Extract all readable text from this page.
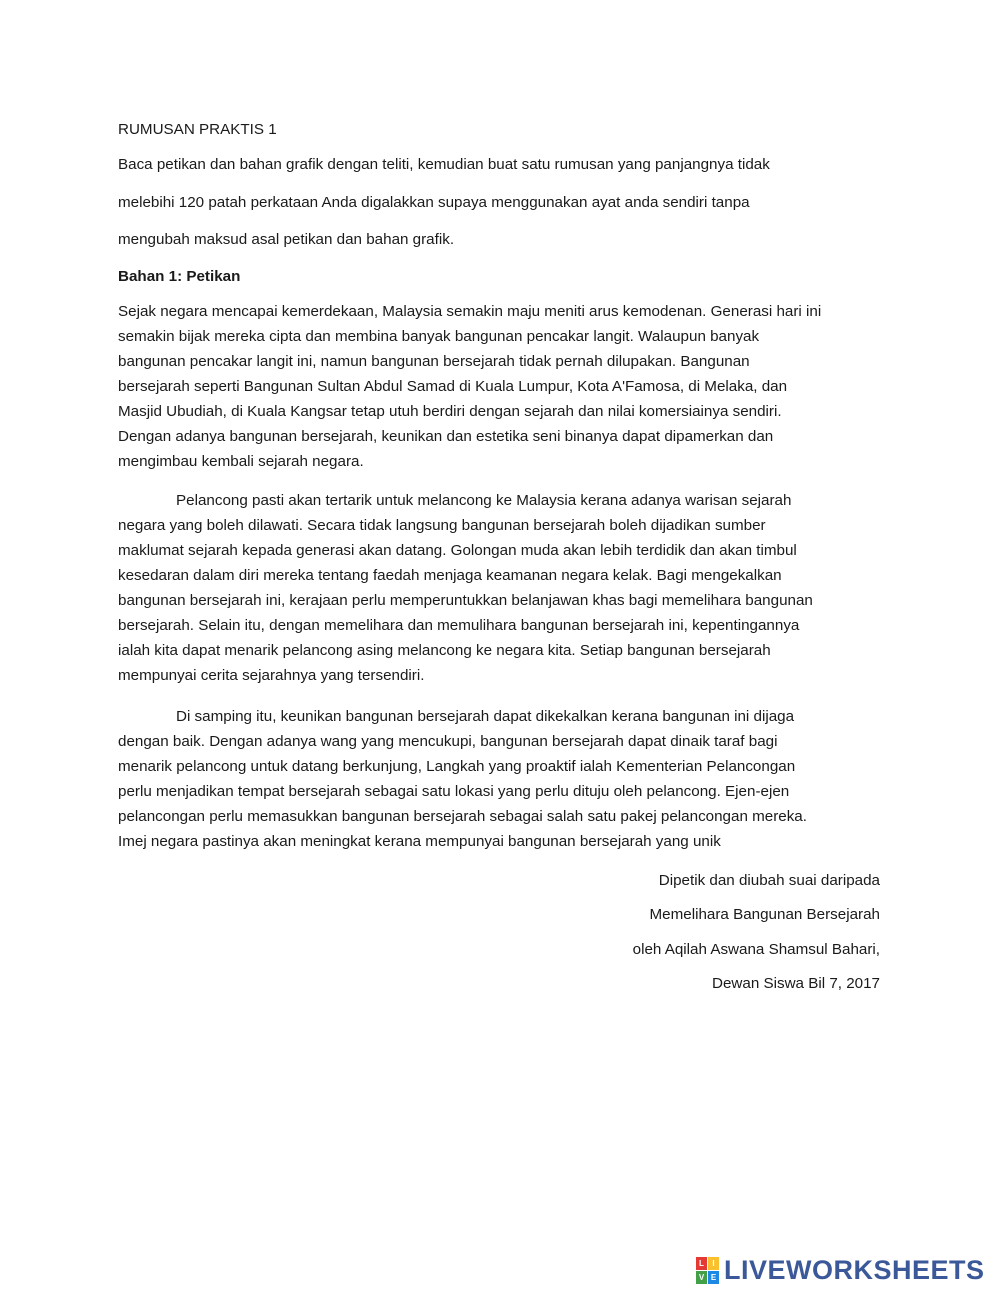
RUMUSAN PRAKTIS 1
Baca petikan dan bahan grafik dengan teliti, kemudian buat satu rumusan yang panjangnya tidak
melebihi 120 patah perkataan Anda digalakkan supaya menggunakan ayat anda sendiri tanpa
mengubah maksud asal petikan dan bahan grafik.
Bahan 1: Petikan
Sejak negara mencapai kemerdekaan, Malaysia semakin maju meniti arus kemodenan. Generasi hari ini
semakin bijak mereka cipta dan membina banyak bangunan pencakar langit. Walaupun banyak
bangunan pencakar langit ini, namun bangunan bersejarah tidak pernah dilupakan. Bangunan
bersejarah seperti Bangunan Sultan Abdul Samad di Kuala Lumpur, Kota A'Famosa, di Melaka, dan
Masjid Ubudiah, di Kuala Kangsar tetap utuh berdiri dengan sejarah dan nilai komersiainya sendiri.
Dengan adanya bangunan bersejarah, keunikan dan estetika seni binanya dapat dipamerkan dan
mengimbau kembali sejarah negara.
Pelancong pasti akan tertarik untuk melancong ke Malaysia kerana adanya warisan sejarah
negara yang boleh dilawati. Secara tidak langsung bangunan bersejarah boleh dijadikan sumber
maklumat sejarah kepada generasi akan datang. Golongan muda akan lebih terdidik dan akan timbul
kesedaran dalam diri mereka tentang faedah menjaga keamanan negara kelak. Bagi mengekalkan
bangunan bersejarah ini, kerajaan perlu memperuntukkan belanjawan khas bagi memelihara bangunan
bersejarah. Selain itu, dengan memelihara dan memulihara bangunan bersejarah ini, kepentingannya
ialah kita dapat menarik pelancong asing melancong ke negara kita. Setiap bangunan bersejarah
mempunyai cerita sejarahnya yang tersendiri.
Di samping itu, keunikan bangunan bersejarah dapat dikekalkan kerana bangunan ini dijaga
dengan baik. Dengan adanya wang yang mencukupi, bangunan bersejarah dapat dinaik taraf bagi
menarik pelancong untuk datang berkunjung, Langkah yang proaktif ialah Kementerian Pelancongan
perlu menjadikan tempat bersejarah sebagai satu lokasi yang perlu dituju oleh pelancong. Ejen-ejen
pelancongan perlu memasukkan bangunan bersejarah sebagai salah satu pakej pelancongan mereka.
Imej negara pastinya akan meningkat kerana mempunyai bangunan bersejarah yang unik
Dipetik dan diubah suai daripada
Memelihara Bangunan Bersejarah
oleh Aqilah Aswana Shamsul Bahari,
Dewan Siswa Bil 7, 2017
L	I
V E LIVEWORKSHEETS
